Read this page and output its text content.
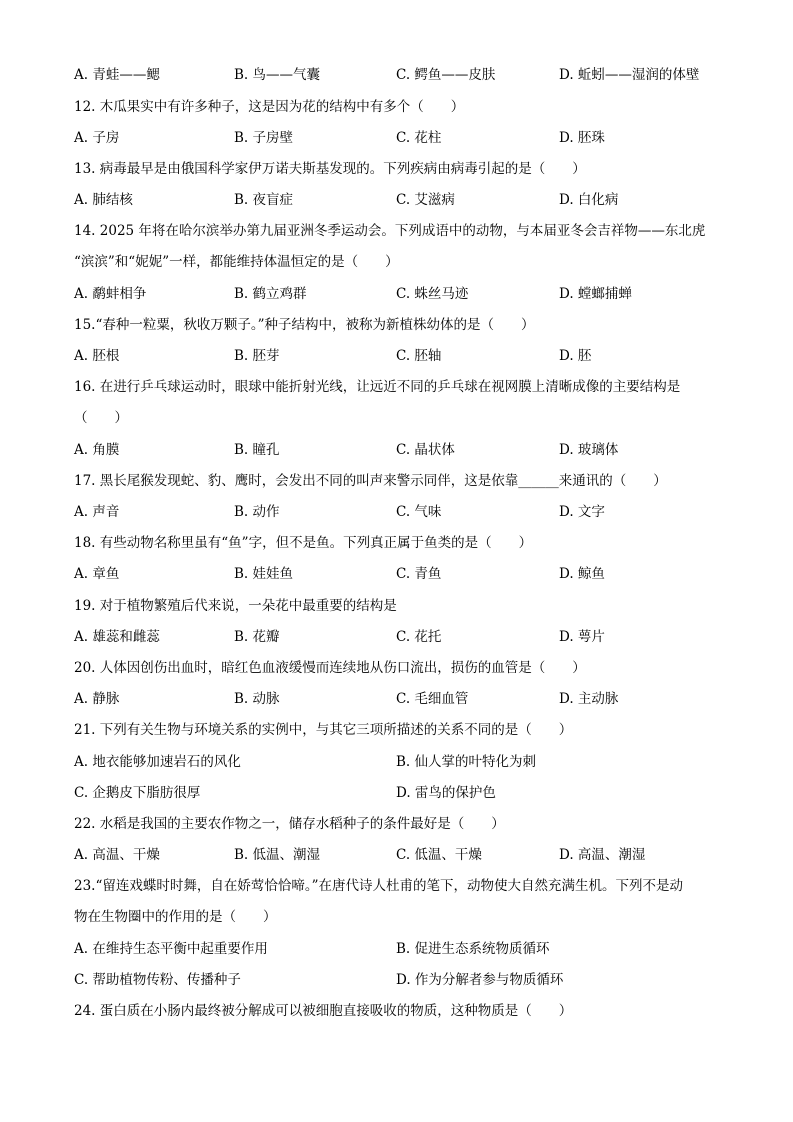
A. 青蛙——鳃	B. 鸟——气囊	C. 鳄鱼——皮肤	D. 蚯蚓——湿润的体壁
12. 木瓜果实中有许多种子，这是因为花的结构中有多个（　　）
A. 子房	B. 子房壁	C. 花柱	D. 胚珠
13. 病毒最早是由俄国科学家伊万诺夫斯基发现的。下列疾病由病毒引起的是（　　）
A. 肺结核	B. 夜盲症	C. 艾滋病	D. 白化病
14. 2025 年将在哈尔滨举办第九届亚洲冬季运动会。下列成语中的动物，与本届亚冬会吉祥物——东北虎
“滨滨”和“妮妮”一样，都能维持体温恒定的是（　　）
A. 鹬蚌相争	B. 鹤立鸡群	C. 蛛丝马迹	D. 螳螂捕蝉
15.“春种一粒粟，秋收万颗子。”种子结构中，被称为新植株幼体的是（　　）
A. 胚根	B. 胚芽	C. 胚轴	D. 胚
16. 在进行乒乓球运动时，眼球中能折射光线，让远近不同的乒乓球在视网膜上清晰成像的主要结构是
（　　）
A. 角膜	B. 瞳孔	C. 晶状体	D. 玻璃体
17. 黑长尾猴发现蛇、豹、鹰时，会发出不同的叫声来警示同伴，这是依靠______来通讯的（　　）
A. 声音	B. 动作	C. 气味	D. 文字
18. 有些动物名称里虽有“鱼”字，但不是鱼。下列真正属于鱼类的是（　　）
A. 章鱼	B. 娃娃鱼	C. 青鱼	D. 鲸鱼
19. 对于植物繁殖后代来说，一朵花中最重要的结构是
A. 雄蕊和雌蕊	B. 花瓣	C. 花托	D. 萼片
20. 人体因创伤出血时，暗红色血液缓慢而连续地从伤口流出，损伤的血管是（　　）
A. 静脉	B. 动脉	C. 毛细血管	D. 主动脉
21. 下列有关生物与环境关系的实例中，与其它三项所描述的关系不同的是（　　）
A. 地衣能够加速岩石的风化	B. 仙人掌的叶特化为刺
C. 企鹅皮下脂肪很厚	D. 雷鸟的保护色
22. 水稻是我国的主要农作物之一，储存水稻种子的条件最好是（　　）
A. 高温、干燥	B. 低温、潮湿	C. 低温、干燥	D. 高温、潮湿
23.“留连戏蝶时时舞，自在娇莺恰恰啼。”在唐代诗人杜甫的笔下，动物使大自然充满生机。下列不是动
物在生物圈中的作用的是（　　）
A. 在维持生态平衡中起重要作用	B. 促进生态系统物质循环
C. 帮助植物传粉、传播种子	D. 作为分解者参与物质循环
24. 蛋白质在小肠内最终被分解成可以被细胞直接吸收的物质，这种物质是（　　）
